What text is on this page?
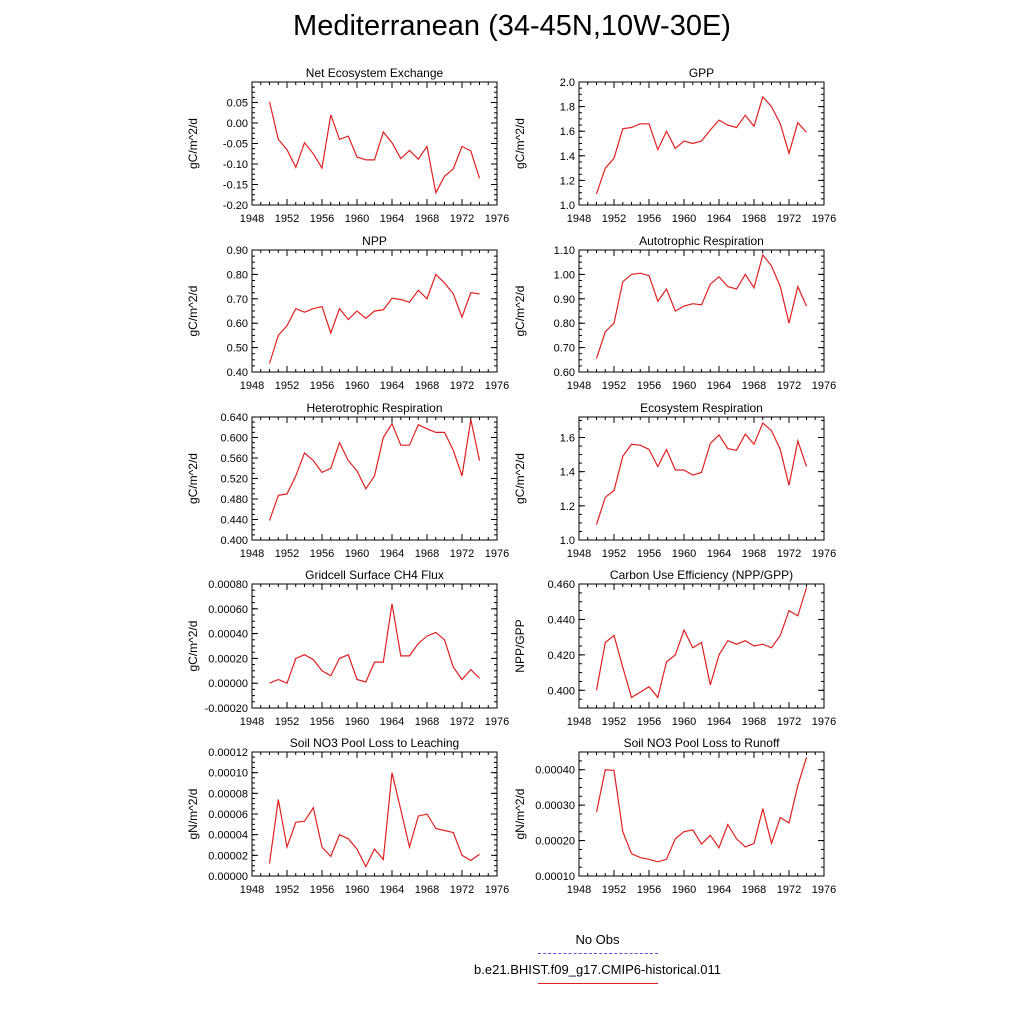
Mediterranean (34-45N,10W-30E)
1948 1952 1956 1960 1964 1968 1972 1976
-0.20
-0.15
-0.10
-0.05
0.00
0.05
Net Ecosystem Exchange
gC/m^2/d
1948 1952 1956 1960 1964 1968 1972 1976
1.0
1.2
1.4
1.6
1.8
2.0
GPP
gC/m^2/d
1948 1952 1956 1960 1964 1968 1972 1976
0.40
0.50
0.60
0.70
0.80
0.90
NPP
gC/m^2/d
1948 1952 1956 1960 1964 1968 1972 1976
0.60
0.70
0.80
0.90
1.00
1.10
Autotrophic Respiration
gC/m^2/d
1948 1952 1956 1960 1964 1968 1972 1976
0.400
0.440
0.480
0.520
0.560
0.600
0.640
Heterotrophic Respiration
gC/m^2/d
1948 1952 1956 1960 1964 1968 1972 1976
1.0
1.2
1.4
1.6
Ecosystem Respiration
gC/m^2/d
1948 1952 1956 1960 1964 1968 1972 1976
-0.00020
0.00000
0.00020
0.00040
0.00060
0.00080
Gridcell Surface CH4 Flux
gC/m^2/d
1948 1952 1956 1960 1964 1968 1972 1976
0.400
0.420
0.440
0.460
Carbon Use Efficiency (NPP/GPP)
NPP/GPP
1948 1952 1956 1960 1964 1968 1972 1976
0.00000
0.00002
0.00004
0.00006
0.00008
0.00010
0.00012
Soil NO3 Pool Loss to Leaching
gN/m^2/d
1948 1952 1956 1960 1964 1968 1972 1976
0.00010
0.00020
0.00030
0.00040
Soil NO3 Pool Loss to Runoff
gN/m^2/d
No Obs
b.e21.BHIST.f09_g17.CMIP6-historical.011
